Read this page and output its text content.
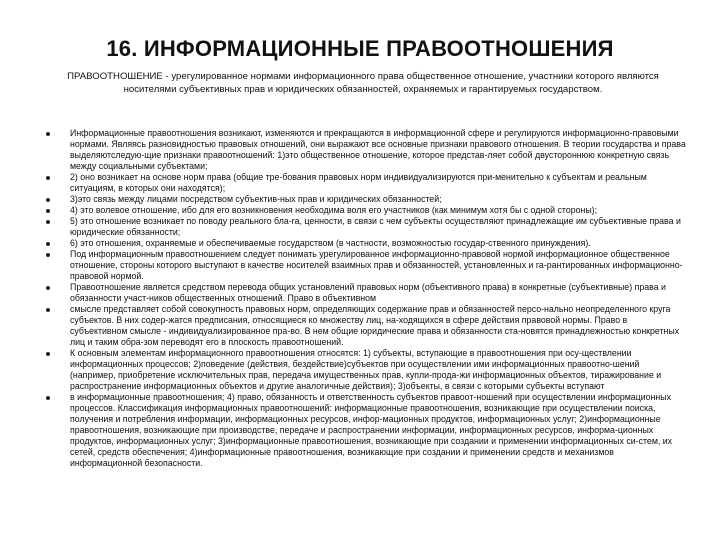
16. ИНФОРМАЦИОННЫЕ ПРАВООТНОШЕНИЯ
ПРАВООТНОШЕНИЕ - урегулированное нормами информационного права общественное отношение, участники которого являются носителями субъективных прав и юридических обязанностей, охраняемых и гарантируемых государством.
Информационные правоотношения возникают, изменяются и прекращаются в информационной сфере и регулируются информационно-правовыми нормами. Являясь разновидностью правовых отношений, они выражают все основные признаки правового отношения. В теории государства и права выделяютследую-щие признаки правоотношений: 1)это общественное отношение, которое представ-ляет собой двустороннюю конкретную связь между социальными субъектами;
2) оно возникает на основе норм права (общие тре-бования правовых норм индивидуализируются при-менительно к субъектам и реальным ситуациям, в которых они находятся);
3)это связь между лицами посредством субъектив-ных прав и юридических обязанностей;
4) это волевое отношение, ибо для его возникновения необходима воля его участников (как минимум хотя бы с одной стороны);
5) это отношение возникает по поводу реального бла-га, ценности, в связи с чем субъекты осуществляют принадлежащие им субъективные права и юридические обязанности;
6) это отношения, охраняемые и обеспечиваемые государством (в частности, возможностью государ-ственного принуждения).
Под информационным правоотношением следует понимать урегулированное информационно-правовой нормой информационное общественное отношение, стороны которого выступают в качестве носителей взаимных прав и обязанностей, установленных и га-рантированных информационно-правовой нормой.
Правоотношение является средством перевода общих установлений правовых норм (объективного права) в конкретные (субъективные) права и обязанности участ-ников общественных отношений. Право в объективном
смысле представляет собой совокупность правовых норм, определяющих содержание прав и обязанностей персо-нально неопределенного круга субъектов. В них содер-жатся предписания, относящиеся ко множеству лиц, на-ходящихся в сфере действия правовой нормы. Право в субъективном смысле - индивидуализированное пра-во. В нем общие юридические права и обязанности ста-новятся принадлежностью конкретных лиц и таким обра-зом переводят его в плоскость правоотношений.
К основным элементам информационного правоотношения относятся: 1) субъекты, вступающие в правоотношения при осу-ществлении информационных процессов; 2)поведение (действия, бездействие)субъектов при осуществлении ими информационных правоотно-шений (например, приобретение исключительных прав, передача имущественных прав, купли-прода-жи информационных объектов, тиражирование и распространение информационных объектов и другие аналогичные действия); 3)объекты, в связи с которыми субъекты вступают
в информационные правоотношения; 4) право, обязанность и ответственность субъектов правоот-ношений при осуществлении информационных процессов. Классификация информационных правоотношений: информационные правоотношения, возникающие при осуществлении поиска, получения и потребления информации, информационных ресурсов, инфор-мационных продуктов, информационных услуг; 2)информационные правоотношения, возникающие при производстве, передаче и распространении информации, информационных ресурсов, информа-ционных продуктов, информационных услуг; 3)информационные правоотношения, возникающие при создании и применении информационных си-стем, их сетей, средств обеспечения; 4)информационные правоотношения, возникающие при создании и применении средств и механизмов информационной безопасности.
